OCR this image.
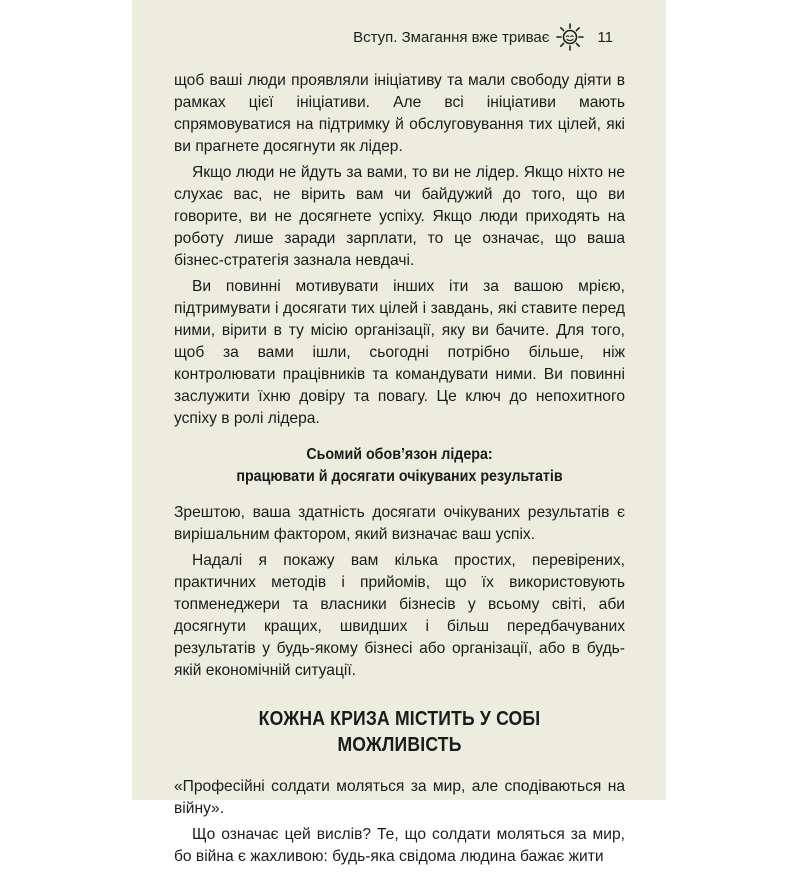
Вступ. Змагання вже триває	11

щоб ваші люди проявляли ініціативу та мали свободу діяти в рамках цієї ініціативи. Але всі ініціативи мають спрямовуватися на підтримку й обслуговування тих цілей, які ви прагнете досягнути як лідер.

Якщо люди не йдуть за вами, то ви не лідер. Якщо ніхто не слухає вас, не вірить вам чи байдужий до того, що ви говорите, ви не досягнете успіху. Якщо люди приходять на роботу лише заради зарплати, то це означає, що ваша бізнес-стратегія зазнала невдачі.

Ви повинні мотивувати інших іти за вашою мрією, підтримувати і досягати тих цілей і завдань, які ставите перед ними, вірити в ту місію організації, яку ви бачите. Для того, щоб за вами ішли, сьогодні потрібно більше, ніж контролювати працівників та командувати ними. Ви повинні заслужити їхню довіру та повагу. Це ключ до непохитного успіху в ролі лідера.

Сьомий обов’язон лідера:
працювати й досягати очікуваних результатів

Зрештою, ваша здатність досягати очікуваних результатів є вирішальним фактором, який визначає ваш успіх.

Надалі я покажу вам кілька простих, перевірених, практичних методів і прийомів, що їх використовують топменеджери та власники бізнесів у всьому світі, аби досягнути кращих, швидших і більш передбачуваних результатів у будь-якому бізнесі або організації, або в будь-якій економічній ситуації.

КОЖНА КРИЗА МІСТИТЬ У СОБІ МОЖЛИВІСТЬ

«Професійні солдати моляться за мир, але сподіваються на війну».

Що означає цей вислів? Те, що солдати моляться за мир, бо війна є жахливою: будь-яка свідома людина бажає жити
